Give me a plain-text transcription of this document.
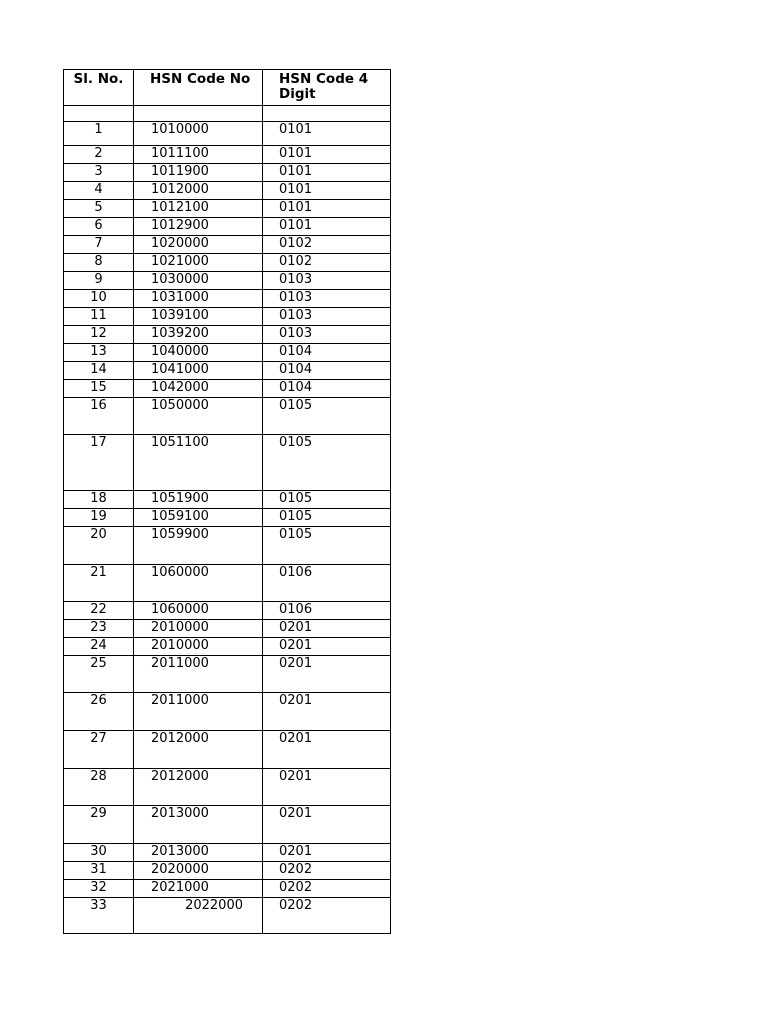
Sl. No.	HSN Code No	HSN Code 4 Digit

1	1010000	0101
2	1011100	0101
3	1011900	0101
4	1012000	0101
5	1012100	0101
6	1012900	0101
7	1020000	0102
8	1021000	0102
9	1030000	0103
10	1031000	0103
11	1039100	0103
12	1039200	0103
13	1040000	0104
14	1041000	0104
15	1042000	0104
16	1050000	0105
17	1051100	0105
18	1051900	0105
19	1059100	0105
20	1059900	0105
21	1060000	0106
22	1060000	0106
23	2010000	0201
24	2010000	0201
25	2011000	0201
26	2011000	0201
27	2012000	0201
28	2012000	0201
29	2013000	0201
30	2013000	0201
31	2020000	0202
32	2021000	0202
33	2022000	0202
